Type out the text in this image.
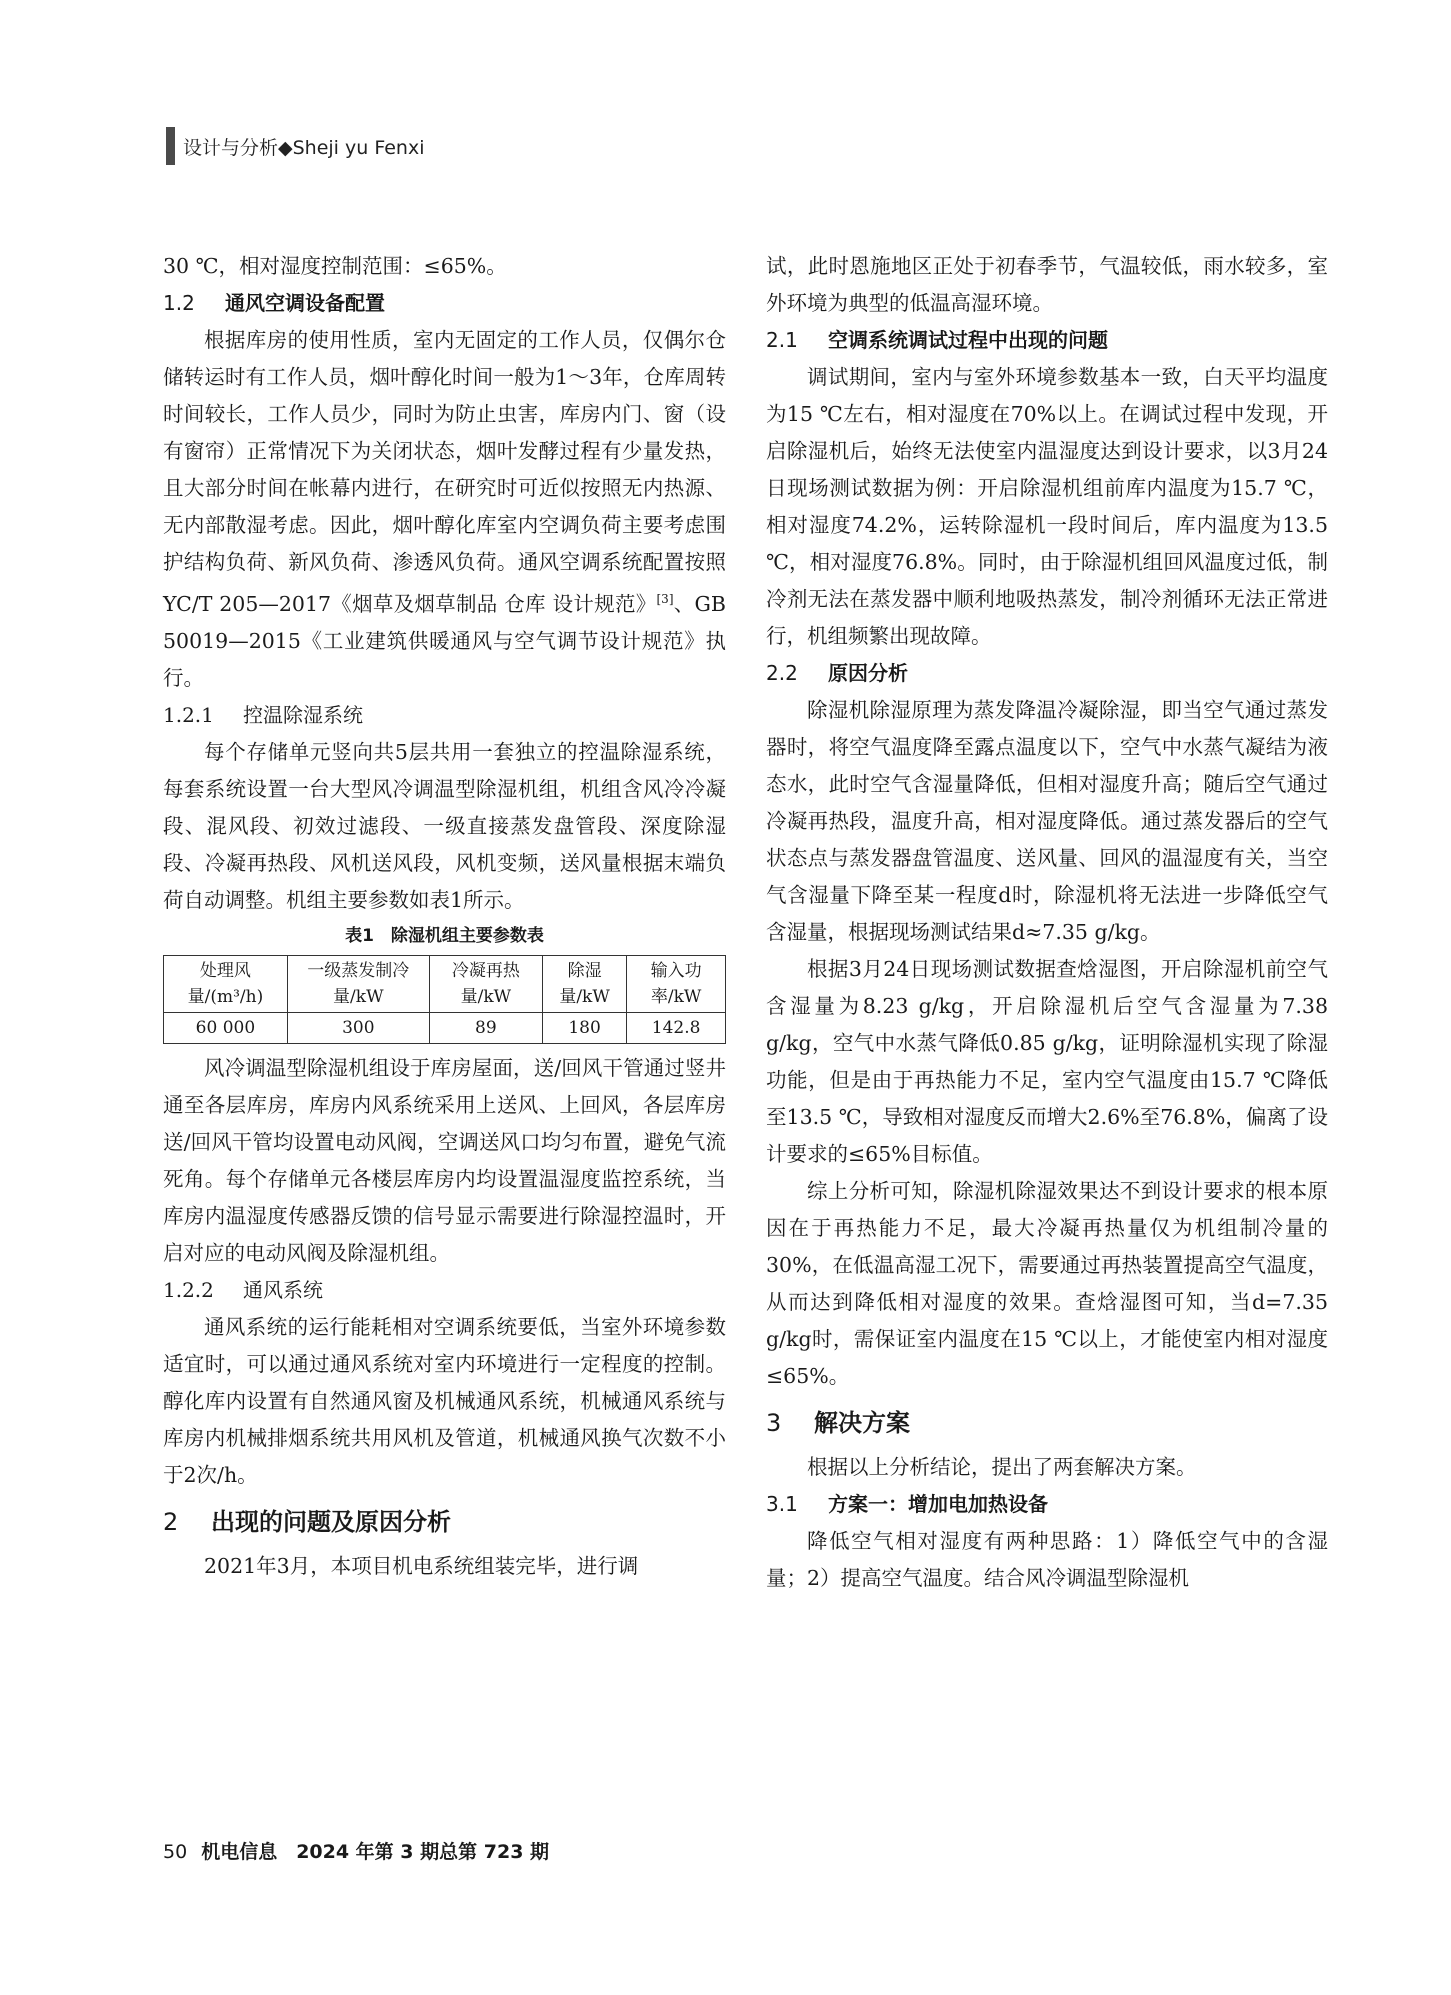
设计与分析◆Sheji yu Fenxi

30 ℃，相对湿度控制范围：≤65%。

1.2 通风空调设备配置

根据库房的使用性质，室内无固定的工作人员，仅偶尔仓储转运时有工作人员，烟叶醇化时间一般为1～3年，仓库周转时间较长，工作人员少，同时为防止虫害，库房内门、窗（设有窗帘）正常情况下为关闭状态，烟叶发酵过程有少量发热，且大部分时间在帐幕内进行，在研究时可近似按照无内热源、无内部散湿考虑。因此，烟叶醇化库室内空调负荷主要考虑围护结构负荷、新风负荷、渗透风负荷。通风空调系统配置按照YC/T 205—2017《烟草及烟草制品 仓库 设计规范》[3]、GB 50019—2015《工业建筑供暖通风与空气调节设计规范》执行。

1.2.1 控温除湿系统

每个存储单元竖向共5层共用一套独立的控温除湿系统，每套系统设置一台大型风冷调温型除湿机组，机组含风冷冷凝段、混风段、初效过滤段、一级直接蒸发盘管段、深度除湿段、冷凝再热段、风机送风段，风机变频，送风量根据末端负荷自动调整。机组主要参数如表1所示。

表1　除湿机组主要参数表
处理风量/(m³/h)	一级蒸发制冷量/kW	冷凝再热量/kW	除湿量/kW	输入功率/kW
60 000	300	89	180	142.8

风冷调温型除湿机组设于库房屋面，送/回风干管通过竖井通至各层库房，库房内风系统采用上送风、上回风，各层库房送/回风干管均设置电动风阀，空调送风口均匀布置，避免气流死角。每个存储单元各楼层库房内均设置温湿度监控系统，当库房内温湿度传感器反馈的信号显示需要进行除湿控温时，开启对应的电动风阀及除湿机组。

1.2.2 通风系统

通风系统的运行能耗相对空调系统要低，当室外环境参数适宜时，可以通过通风系统对室内环境进行一定程度的控制。醇化库内设置有自然通风窗及机械通风系统，机械通风系统与库房内机械排烟系统共用风机及管道，机械通风换气次数不小于2次/h。

2 出现的问题及原因分析

2021年3月，本项目机电系统组装完毕，进行调

试，此时恩施地区正处于初春季节，气温较低，雨水较多，室外环境为典型的低温高湿环境。

2.1 空调系统调试过程中出现的问题

调试期间，室内与室外环境参数基本一致，白天平均温度为15 ℃左右，相对湿度在70%以上。在调试过程中发现，开启除湿机后，始终无法使室内温湿度达到设计要求，以3月24日现场测试数据为例：开启除湿机组前库内温度为15.7 ℃，相对湿度74.2%，运转除湿机一段时间后，库内温度为13.5 ℃，相对湿度76.8%。同时，由于除湿机组回风温度过低，制冷剂无法在蒸发器中顺利地吸热蒸发，制冷剂循环无法正常进行，机组频繁出现故障。

2.2 原因分析

除湿机除湿原理为蒸发降温冷凝除湿，即当空气通过蒸发器时，将空气温度降至露点温度以下，空气中水蒸气凝结为液态水，此时空气含湿量降低，但相对湿度升高；随后空气通过冷凝再热段，温度升高，相对湿度降低。通过蒸发器后的空气状态点与蒸发器盘管温度、送风量、回风的温湿度有关，当空气含湿量下降至某一程度d时，除湿机将无法进一步降低空气含湿量，根据现场测试结果d≈7.35 g/kg。

根据3月24日现场测试数据查焓湿图，开启除湿机前空气含湿量为8.23 g/kg，开启除湿机后空气含湿量为7.38 g/kg，空气中水蒸气降低0.85 g/kg，证明除湿机实现了除湿功能，但是由于再热能力不足，室内空气温度由15.7 ℃降低至13.5 ℃，导致相对湿度反而增大2.6%至76.8%，偏离了设计要求的≤65%目标值。

综上分析可知，除湿机除湿效果达不到设计要求的根本原因在于再热能力不足，最大冷凝再热量仅为机组制冷量的30%，在低温高湿工况下，需要通过再热装置提高空气温度，从而达到降低相对湿度的效果。查焓湿图可知，当d=7.35 g/kg时，需保证室内温度在15 ℃以上，才能使室内相对湿度≤65%。

3 解决方案

根据以上分析结论，提出了两套解决方案。

3.1 方案一：增加电加热设备

降低空气相对湿度有两种思路：1）降低空气中的含湿量；2）提高空气温度。结合风冷调温型除湿机

50 机电信息　2024 年第 3 期总第 723 期
